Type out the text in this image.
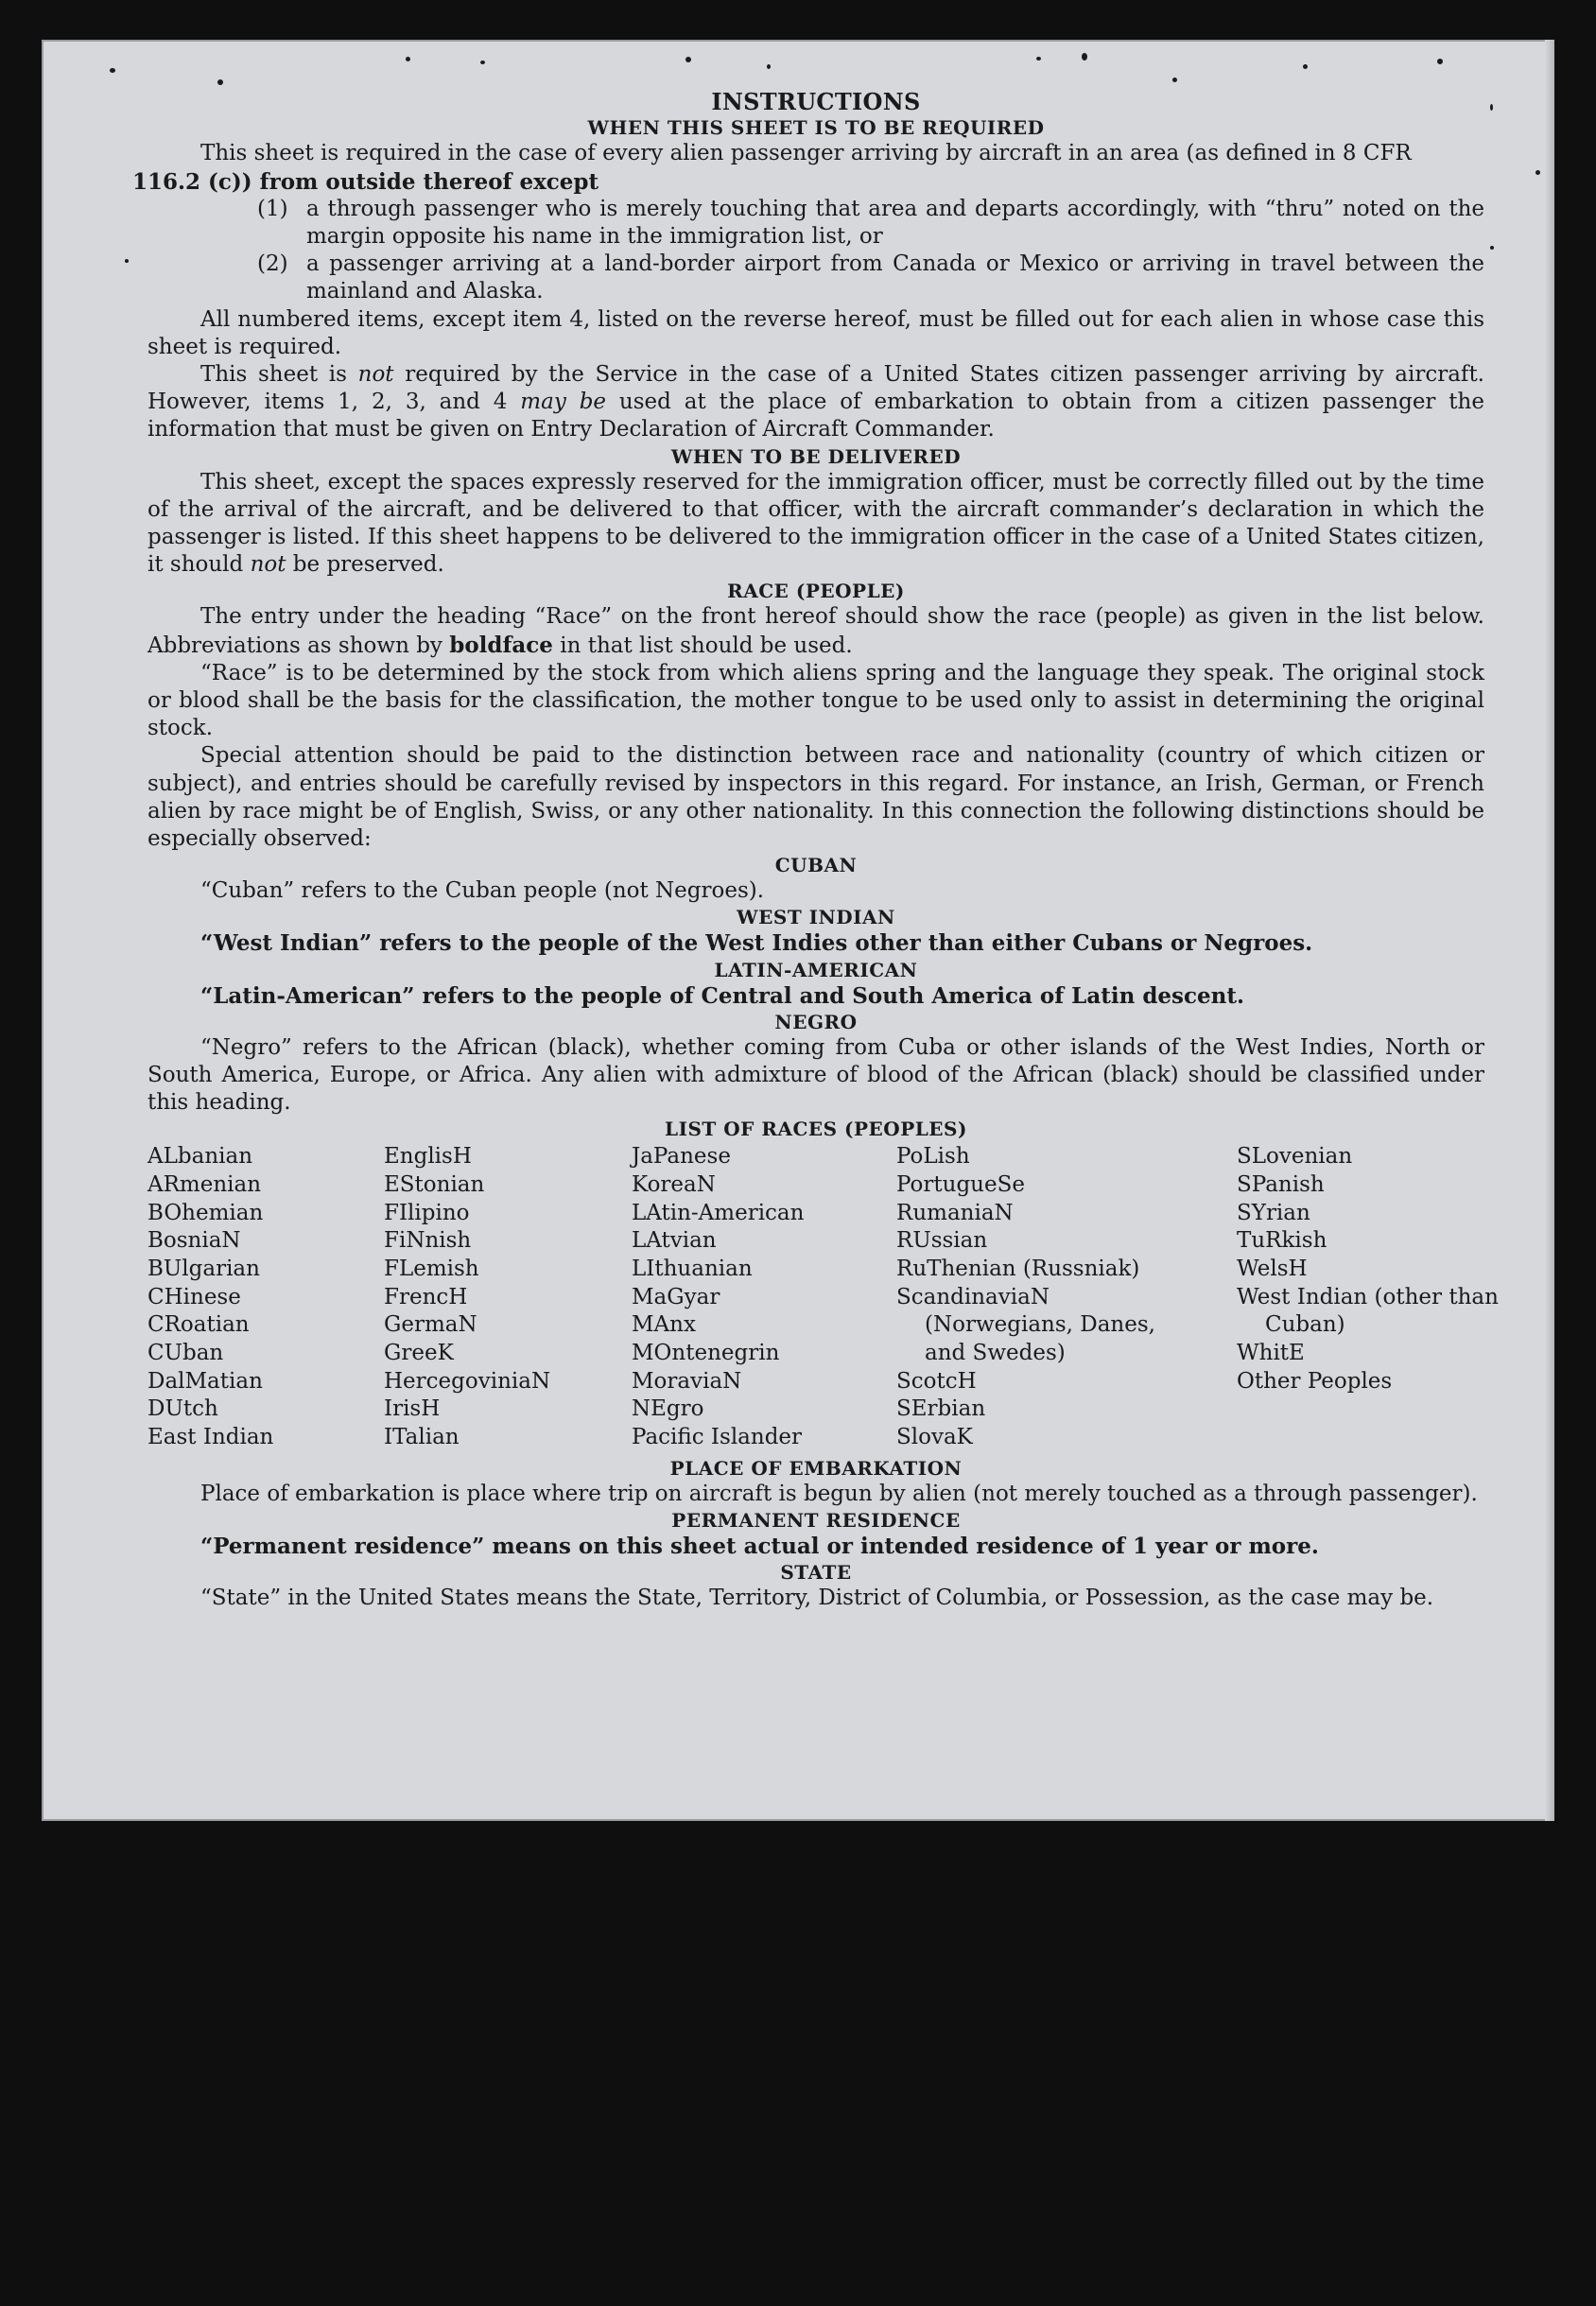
INSTRUCTIONS
WHEN THIS SHEET IS TO BE REQUIRED

This sheet is required in the case of every alien passenger arriving by aircraft in an area (as defined in 8 CFR

116.2 (c)) from outside thereof except

(1) a through passenger who is merely touching that area and departs accordingly, with “thru” noted on the margin opposite his name in the immigration list, or
(2) a passenger arriving at a land-border airport from Canada or Mexico or arriving in travel between the mainland and Alaska.

All numbered items, except item 4, listed on the reverse hereof, must be filled out for each alien in whose case this sheet is required.

This sheet is not required by the Service in the case of a United States citizen passenger arriving by aircraft. However, items 1, 2, 3, and 4 may be used at the place of embarkation to obtain from a citizen passenger the information that must be given on Entry Declaration of Aircraft Commander.

WHEN TO BE DELIVERED

This sheet, except the spaces expressly reserved for the immigration officer, must be correctly filled out by the time of the arrival of the aircraft, and be delivered to that officer, with the aircraft commander’s declaration in which the passenger is listed. If this sheet happens to be delivered to the immigration officer in the case of a United States citizen, it should not be preserved.

RACE (PEOPLE)

The entry under the heading “Race” on the front hereof should show the race (people) as given in the list below. Abbreviations as shown by boldface in that list should be used.

“Race” is to be determined by the stock from which aliens spring and the language they speak. The original stock or blood shall be the basis for the classification, the mother tongue to be used only to assist in determining the original stock.

Special attention should be paid to the distinction between race and nationality (country of which citizen or subject), and entries should be carefully revised by inspectors in this regard. For instance, an Irish, German, or French alien by race might be of English, Swiss, or any other nationality. In this connection the following distinctions should be especially observed:

CUBAN

“Cuban” refers to the Cuban people (not Negroes).

WEST INDIAN

“West Indian” refers to the people of the West Indies other than either Cubans or Negroes.

LATIN-AMERICAN

“Latin-American” refers to the people of Central and South America of Latin descent.

NEGRO

“Negro” refers to the African (black), whether coming from Cuba or other islands of the West Indies, North or South America, Europe, or Africa. Any alien with admixture of blood of the African (black) should be classified under this heading.

LIST OF RACES (PEOPLES)
ALbanian
ARmenian
BOhemian
BosniaN
BUlgarian
CHinese
CRoatian
CUban
DalMatian
DUtch
East Indian
EnglisH
EStonian
FIlipino
FiNnish
FLemish
FrencH
GermaN
GreeK
HercegoviniaN
IrisH
ITalian
JaPanese
KoreaN
LAtin-American
LAtvian
LIthuanian
MaGyar
MAnx
MOntenegrin
MoraviaN
NEgro
Pacific Islander
PoLish
PortugueSe
RumaniaN
RUssian
RuThenian (Russniak)
ScandinaviaN (Norwegians, Danes, and Swedes)
ScotcH
SErbian
SlovaK
SLovenian
SPanish
SYrian
TuRkish
WelsH
West Indian (other than Cuban)
WhitE
Other Peoples
PLACE OF EMBARKATION

Place of embarkation is place where trip on aircraft is begun by alien (not merely touched as a through passenger).

PERMANENT RESIDENCE

“Permanent residence” means on this sheet actual or intended residence of 1 year or more.

STATE

“State” in the United States means the State, Territory, District of Columbia, or Possession, as the case may be.
